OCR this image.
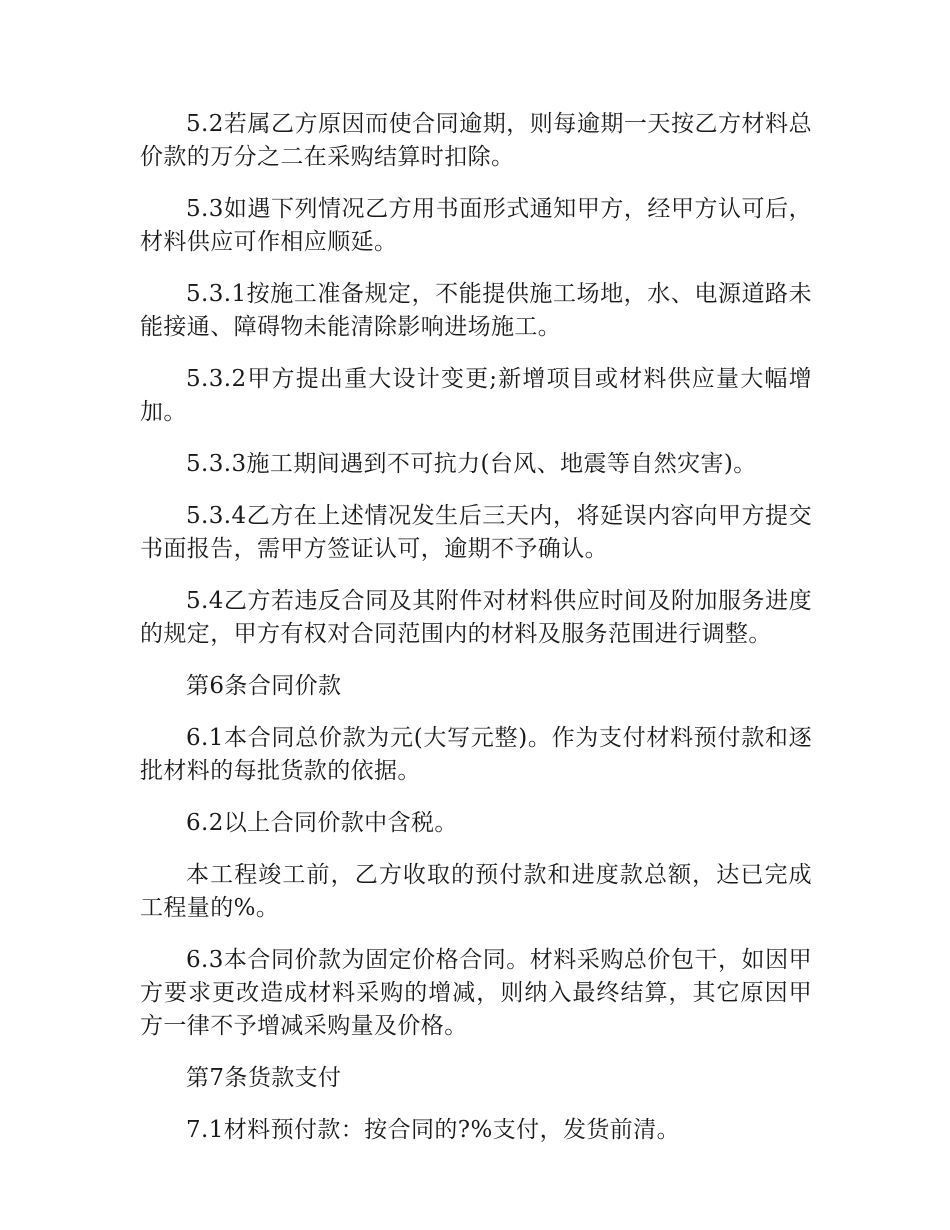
5.2若属乙方原因而使合同逾期，则每逾期一天按乙方材料总价款的万分之二在采购结算时扣除。

5.3如遇下列情况乙方用书面形式通知甲方，经甲方认可后，材料供应可作相应顺延。

5.3.1按施工准备规定，不能提供施工场地，水、电源道路未能接通、障碍物未能清除影响进场施工。

5.3.2甲方提出重大设计变更;新增项目或材料供应量大幅增加。

5.3.3施工期间遇到不可抗力(台风、地震等自然灾害)。

5.3.4乙方在上述情况发生后三天内，将延误内容向甲方提交书面报告，需甲方签证认可，逾期不予确认。

5.4乙方若违反合同及其附件对材料供应时间及附加服务进度的规定，甲方有权对合同范围内的材料及服务范围进行调整。

第6条合同价款

6.1本合同总价款为元(大写元整)。作为支付材料预付款和逐批材料的每批货款的依据。

6.2以上合同价款中含税。

本工程竣工前，乙方收取的预付款和进度款总额，达已完成工程量的%。

6.3本合同价款为固定价格合同。材料采购总价包干，如因甲方要求更改造成材料采购的增减，则纳入最终结算，其它原因甲方一律不予增减采购量及价格。

第7条货款支付

7.1材料预付款：按合同的?%支付，发货前清。
